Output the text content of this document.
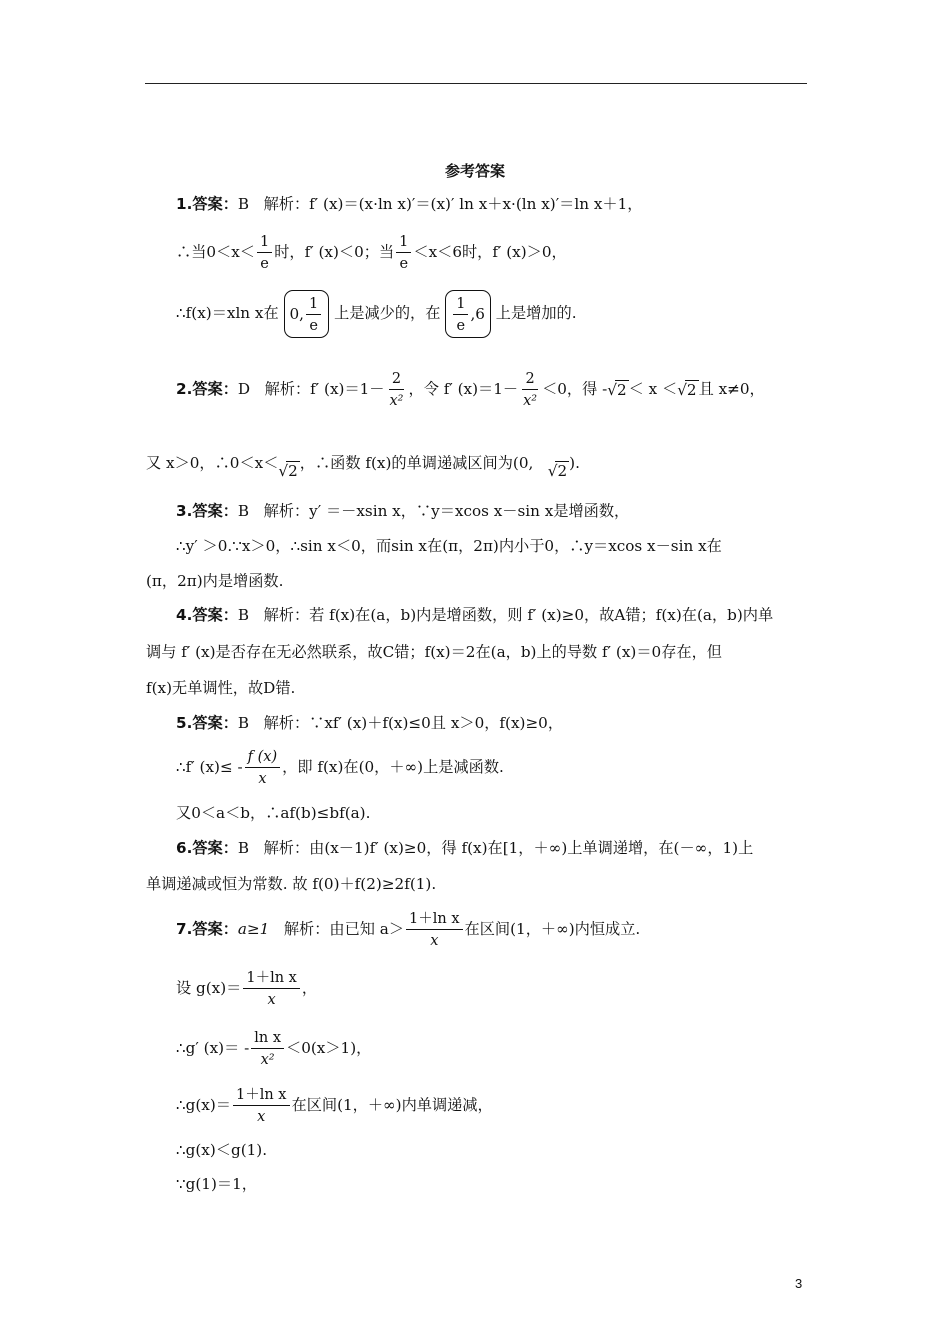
参考答案
1.答案：B 解析：f′ (x)＝(x·ln x)′＝(x)′ ln x＋x·(ln x)′＝ln x＋1，
∴当$0<x< \frac{1}{e}$ 时，f′ (x)＜0；当 $\frac{1}{e} <x<6$时，f′ (x)＞0，
∴f(x)＝xln x在 0, $\frac{1}{e}$ 上是减少的，在 $\frac{1}{e} ,6$ 上是增加的.
2.答案：D 解析：f′ $(x)=1- \frac{2}{\text{x²}}$ ，令 f′ $(x)=1- \frac{2}{\text{x²}} <0$，得 -√2 ＜ x ＜√2 且 x≠0，
又 x＞0，∴0＜x＜√2 ，∴函数 f(x)的单调递减区间为(0, √2 ).
3.答案：B 解析：y′ ＝－xsin x，∵y＝xcos x－sin x是增函数，
∴y′ ＞0.∵x＞0，∴sin x＜0，而sin x在(π，2π)内小于0，∴y＝xcos x－sin x在
(π，2π)内是增函数.
4.答案：B 解析：若 f(x)在(a，b)内是增函数，则 f′ (x)≥0，故A错；f(x)在(a，b)内单
调与 f′ (x)是否存在无必然联系，故C错；f(x)＝2在(a，b)上的导数 f′ (x)＝0存在，但
f(x)无单调性，故D错.
5.答案：B 解析：∵xf′ (x)＋f(x)≤0且 x＞0，f(x)≥0，
∴f′ $(x)\le - \frac{f (x)}{x}$ ，即 f(x)在(0，＋∞)上是减函数.
又0＜a＜b，∴af(b)≤bf(a).
6.答案：B 解析：由(x－1)f′ (x)≥0，得 f(x)在[1，＋∞)上单调递增，在(－∞，1)上
单调递减或恒为常数. 故 f(0)＋f(2)≥2f(1).
7.答案：a≥1 解析：由已知 $a> \frac{\text{1＋ln x}}{x}$ 在区间(1，＋∞)内恒成立.
设 $g(x)= \frac{\text{1＋ln x}}{x}$ ，
∴g′ $(x)= - \frac{\text{ln x}}{\text{x²}} <0(x>1)$，
∴g(x)＝ $\frac{\text{1＋ln x}}{x}$ 在区间(1，＋∞)内单调递减，
∴g(x)＜g(1).
∵g(1)＝1，
3
